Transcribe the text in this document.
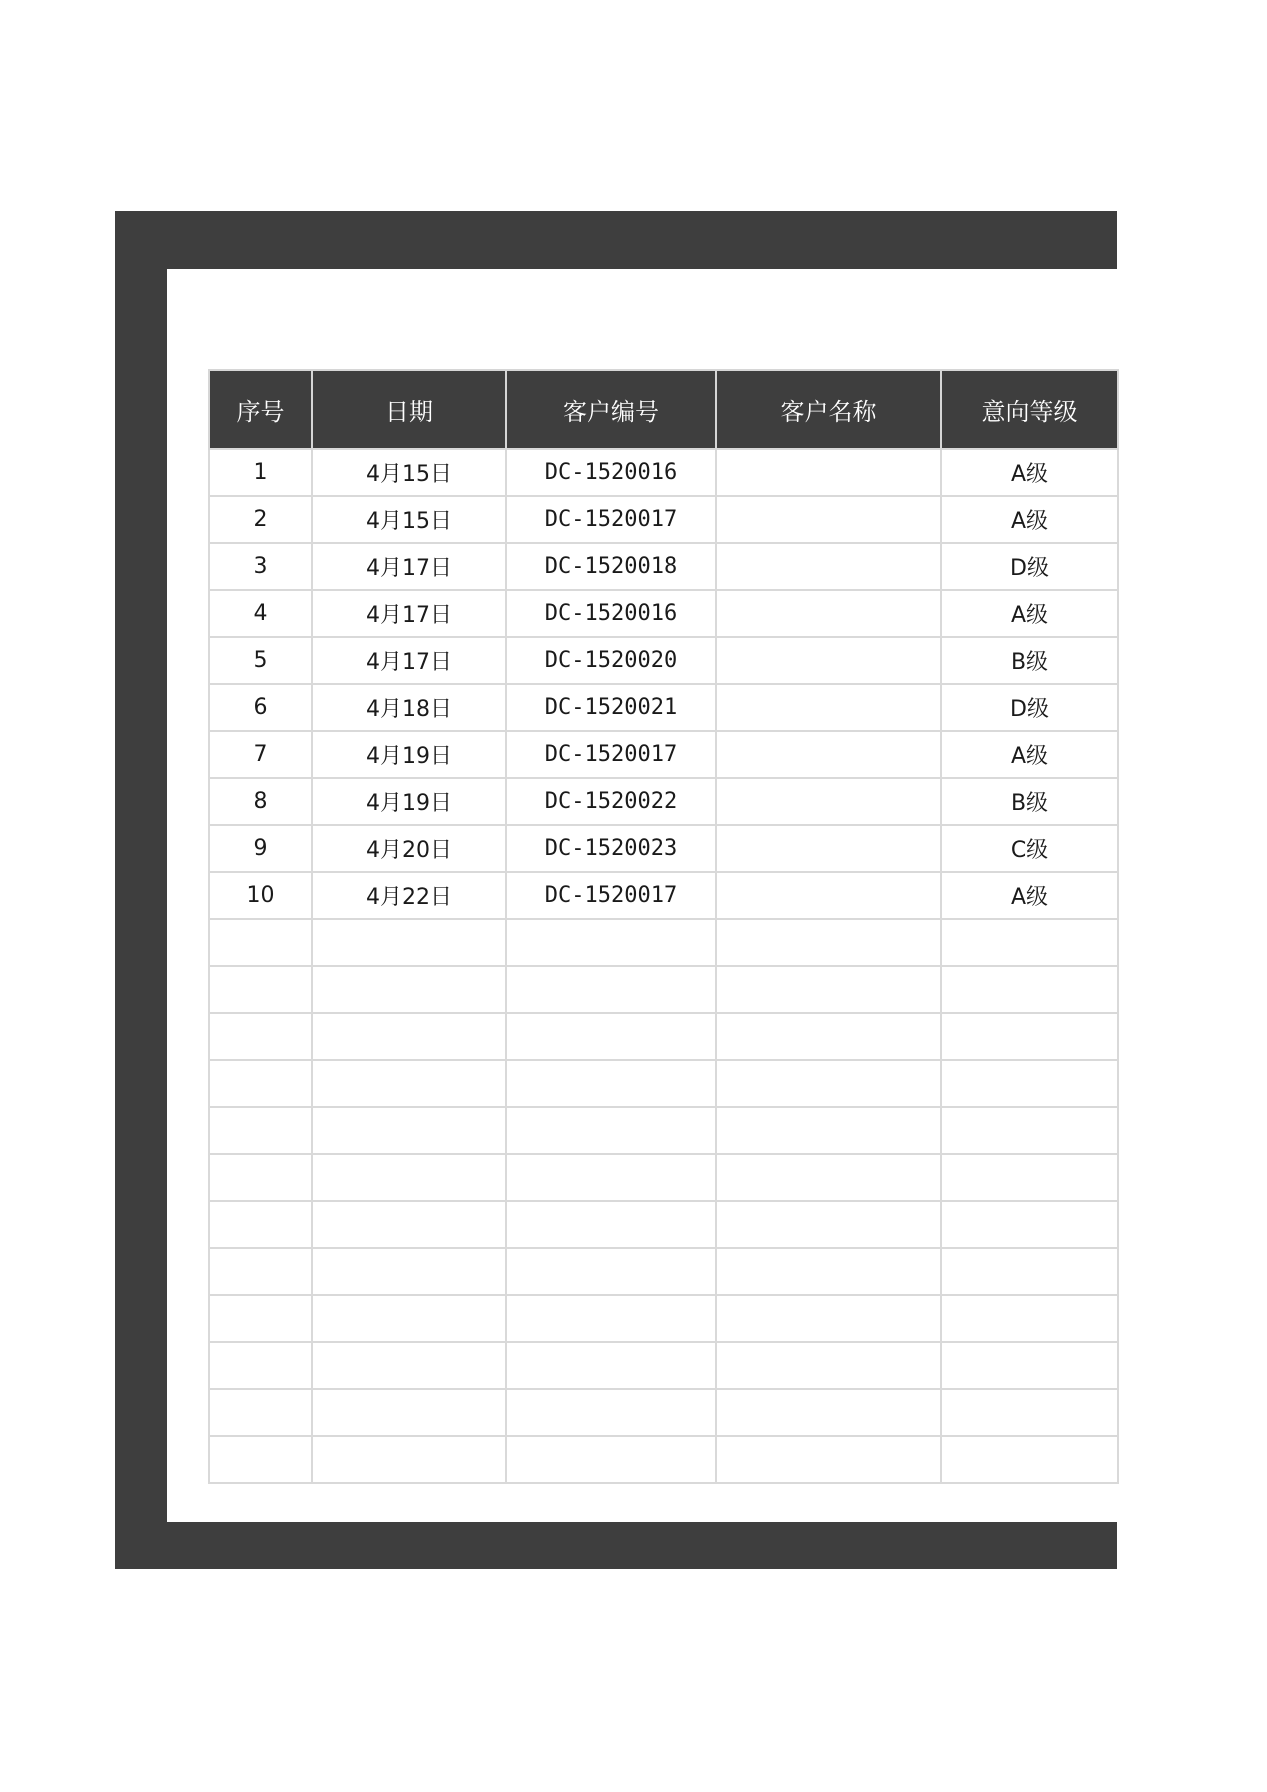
序号	日期	客户编号	客户名称	意向等级
1	4月15日	DC-1520016		A级
2	4月15日	DC-1520017		A级
3	4月17日	DC-1520018		D级
4	4月17日	DC-1520016		A级
5	4月17日	DC-1520020		B级
6	4月18日	DC-1520021		D级
7	4月19日	DC-1520017		A级
8	4月19日	DC-1520022		B级
9	4月20日	DC-1520023		C级
10	4月22日	DC-1520017		A级
